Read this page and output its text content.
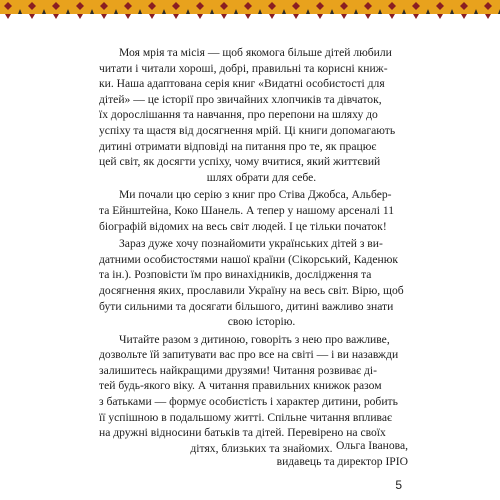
Моя мрія та місія — щоб якомога більше дітей любили
читати і читали хороші, добрі, правильні та корисні книж-
ки. Наша адаптована серія книг «Видатні особистості для
дітей» — це історії про звичайних хлопчиків та дівчаток,
їх дорослішання та навчання, про перепони на шляху до
успіху та щастя від досягнення мрій. Ці книги допомагають
дитині отримати відповіді на питання про те, як працює
цей світ, як досягти успіху, чому вчитися, який життєвий
шлях обрати для себе.

Ми почали цю серію з книг про Стіва Джобса, Альбер-
та Ейнштейна, Коко Шанель. А тепер у нашому арсеналі 11
біографій відомих на весь світ людей. І це тільки початок!

Зараз дуже хочу познайомити українських дітей з ви-
датними особистостями нашої країни (Сікорський, Каденюк
та ін.). Розповісти їм про винахідників, дослідження та
досягнення яких, прославили Україну на весь світ. Вірю, щоб
бути сильними та досягати більшого, дитині важливо знати
свою історію.

Читайте разом з дитиною, говоріть з нею про важливе,
дозвольте їй запитувати вас про все на світі — і ви назавжди
залишитесь найкращими друзями! Читання розвиває ді-
тей будь-якого віку. А читання правильних книжок разом
з батьками — формує особистість і характер дитини, робить
її успішною в подальшому житті. Спільне читання впливає
на дружні відносини батьків та дітей. Перевірено на своїх
дітях, близьких та знайомих. Ольга Іванова,
видавець та директор ІРІО
5
